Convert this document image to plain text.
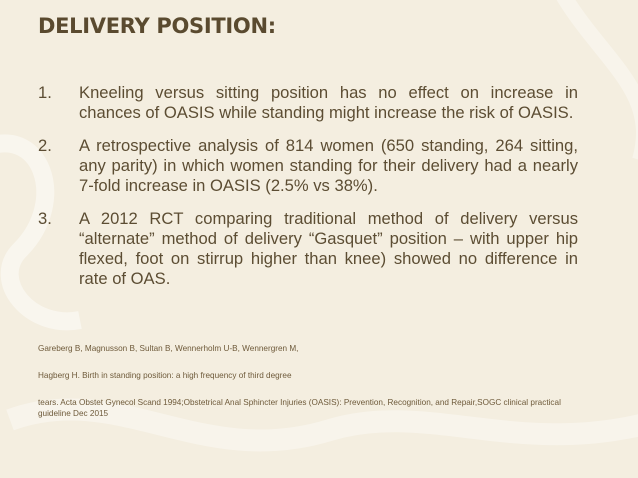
DELIVERY POSITION:
1.	Kneeling versus sitting position has no effect on increase in chances of OASIS while standing might increase the risk of OASIS.
2.	A retrospective analysis of 814 women (650 standing, 264 sitting, any parity) in which women standing for their delivery had a nearly 7-fold increase in OASIS (2.5% vs 38%).
3.	A 2012 RCT comparing traditional method of delivery versus “alternate” method of delivery “Gasquet” position – with upper hip flexed, foot on stirrup higher than knee) showed no difference in rate of OAS.

Gareberg B, Magnusson B, Sultan B, Wennerholm U-B, Wennergren M,

Hagberg H. Birth in standing position: a high frequency of third degree

tears. Acta Obstet Gynecol Scand 1994;Obstetrical Anal Sphincter Injuries (OASIS): Prevention, Recognition, and Repair,SOGC clinical practical guideline Dec 2015
